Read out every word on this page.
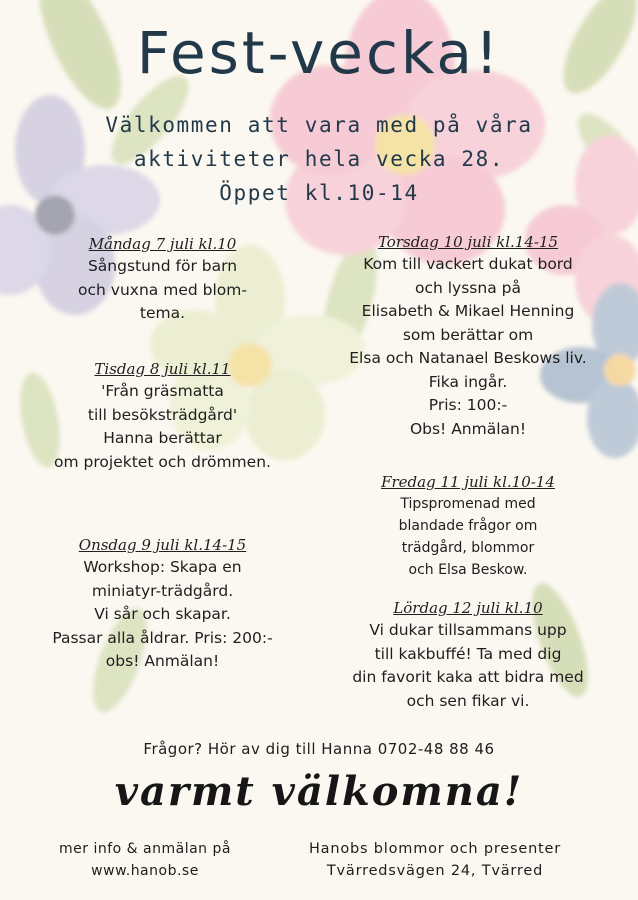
Fest-vecka!
Välkommen att vara med på våra
aktiviteter hela vecka 28.
Öppet kl.10-14
Måndag 7 juli kl.10
Sångstund för barn
och vuxna med blom-
tema.
Tisdag 8 juli kl.11
'Från gräsmatta
till besöksträdgård'
Hanna berättar
om projektet och drömmen.
Onsdag 9 juli kl.14-15
Workshop: Skapa en
miniatyr-trädgård.
Vi sår och skapar.
Passar alla åldrar. Pris: 200:-
obs! Anmälan!
Torsdag 10 juli kl.14-15
Kom till vackert dukat bord
och lyssna på
Elisabeth & Mikael Henning
som berättar om
Elsa och Natanael Beskows liv.
Fika ingår.
Pris: 100:-
Obs! Anmälan!
Fredag 11 juli kl.10-14
Tipspromenad med
blandade frågor om
trädgård, blommor
och Elsa Beskow.
Lördag 12 juli kl.10
Vi dukar tillsammans upp
till kakbuffé! Ta med dig
din favorit kaka att bidra med
och sen fikar vi.
Frågor? Hör av dig till Hanna 0702-48 88 46
varmt välkomna!
mer info & anmälan på
www.hanob.se
Hanobs blommor och presenter
Tvärredsvägen 24, Tvärred
